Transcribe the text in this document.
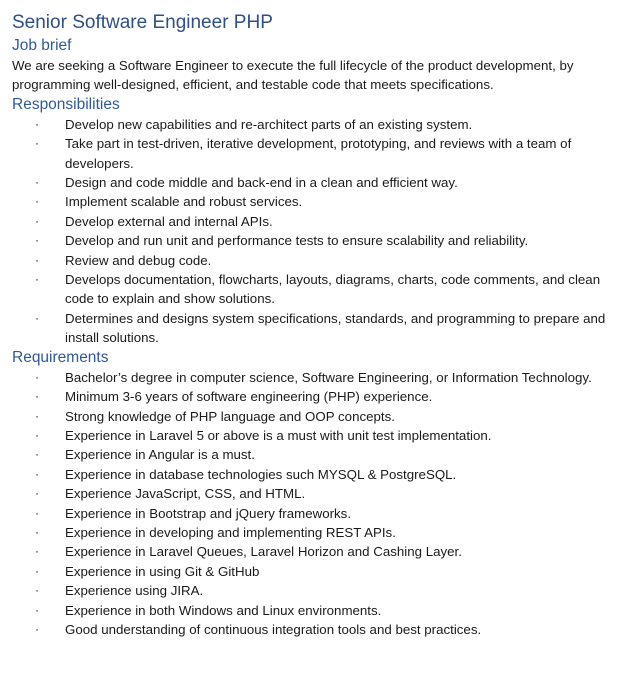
Senior Software Engineer PHP
Job brief

We are seeking a Software Engineer to execute the full lifecycle of the product development, by programming well-designed, efficient, and testable code that meets specifications.

Responsibilities
· Develop new capabilities and re-architect parts of an existing system.
· Take part in test-driven, iterative development, prototyping, and reviews with a team of developers.
· Design and code middle and back-end in a clean and efficient way.
· Implement scalable and robust services.
· Develop external and internal APIs.
· Develop and run unit and performance tests to ensure scalability and reliability.
· Review and debug code.
· Develops documentation, flowcharts, layouts, diagrams, charts, code comments, and clean code to explain and show solutions.
· Determines and designs system specifications, standards, and programming to prepare and install solutions.
Requirements
· Bachelor’s degree in computer science, Software Engineering, or Information Technology.
· Minimum 3-6 years of software engineering (PHP) experience.
· Strong knowledge of PHP language and OOP concepts.
· Experience in Laravel 5 or above is a must with unit test implementation.
· Experience in Angular is a must.
· Experience in database technologies such MYSQL & PostgreSQL.
· Experience JavaScript, CSS, and HTML.
· Experience in Bootstrap and jQuery frameworks.
· Experience in developing and implementing REST APIs.
· Experience in Laravel Queues, Laravel Horizon and Cashing Layer.
· Experience in using Git & GitHub
· Experience using JIRA.
· Experience in both Windows and Linux environments.
· Good understanding of continuous integration tools and best practices.
